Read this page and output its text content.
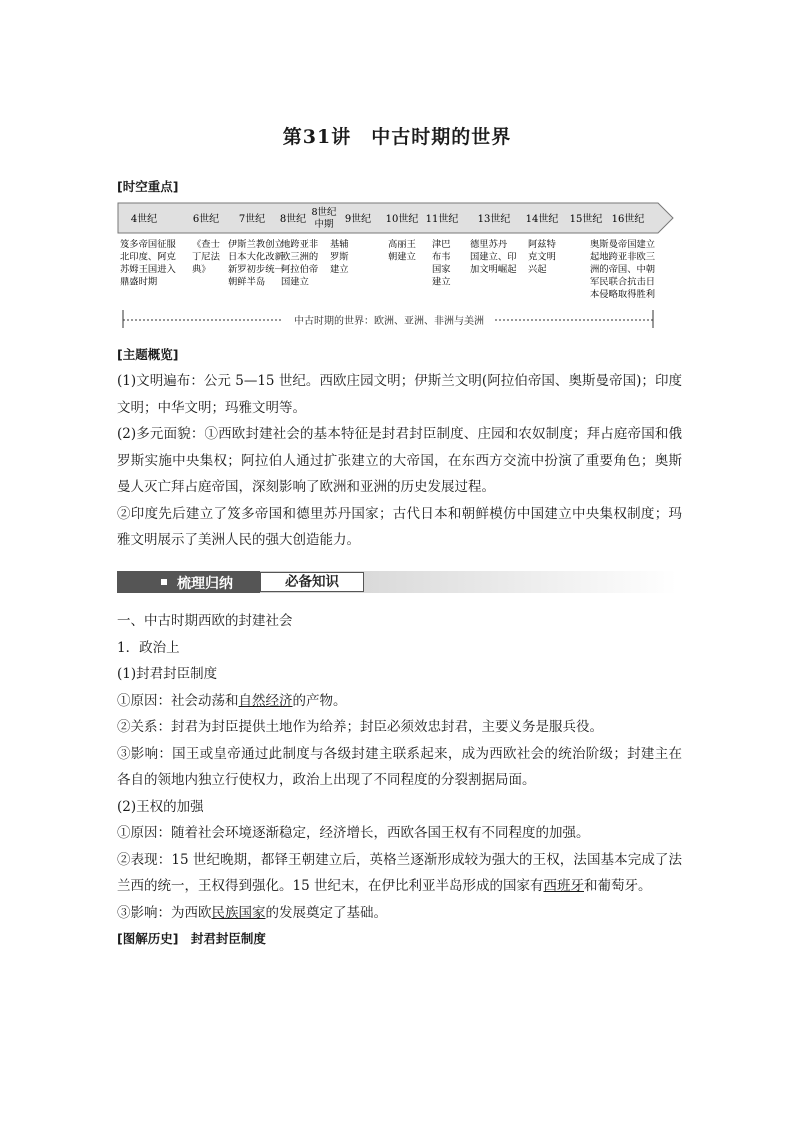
第31讲　中古时期的世界
[时空重点]
4世纪	6世纪 7世纪 8世纪
8世纪
中期 9世纪 10世纪 11世纪 13世纪 14世纪 15世纪 16世纪
笈多帝国征服
北印度、阿克
苏姆王国进入
鼎盛时期
《查士
丁尼法
典》
伊斯兰教创立
日本大化改新
新罗初步统一
朝鲜半岛
地跨亚非
欧三洲的
阿拉伯帝
国建立
基辅
罗斯
建立
高丽王
朝建立
津巴
布韦
国家
建立
德里苏丹
国建立、印
加文明崛起
阿兹特
克文明
兴起
奥斯曼帝国建立
起地跨亚非欧三
洲的帝国、中朝
军民联合抗击日
本侵略取得胜利
中古时期的世界：欧洲、亚洲、非洲与美洲
[主题概览]

(1)文明遍布：公元 5—15 世纪。西欧庄园文明；伊斯兰文明(阿拉伯帝国、奥斯曼帝国)；印度文明；中华文明；玛雅文明等。

(2)多元面貌：①西欧封建社会的基本特征是封君封臣制度、庄园和农奴制度；拜占庭帝国和俄罗斯实施中央集权；阿拉伯人通过扩张建立的大帝国，在东西方交流中扮演了重要角色；奥斯曼人灭亡拜占庭帝国，深刻影响了欧洲和亚洲的历史发展过程。

②印度先后建立了笈多帝国和德里苏丹国家；古代日本和朝鲜模仿中国建立中央集权制度；玛雅文明展示了美洲人民的强大创造能力。

梳理归纳	必备知识

一、中古时期西欧的封建社会

1．政治上

(1)封君封臣制度

①原因：社会动荡和自然经济的产物。

②关系：封君为封臣提供土地作为给养；封臣必须效忠封君，主要义务是服兵役。

③影响：国王或皇帝通过此制度与各级封建主联系起来，成为西欧社会的统治阶级；封建主在各自的领地内独立行使权力，政治上出现了不同程度的分裂割据局面。

(2)王权的加强

①原因：随着社会环境逐渐稳定，经济增长，西欧各国王权有不同程度的加强。

②表现：15 世纪晚期，都铎王朝建立后，英格兰逐渐形成较为强大的王权，法国基本完成了法兰西的统一，王权得到强化。15 世纪末，在伊比利亚半岛形成的国家有西班牙和葡萄牙。

③影响：为西欧民族国家的发展奠定了基础。

[图解历史]　封君封臣制度
